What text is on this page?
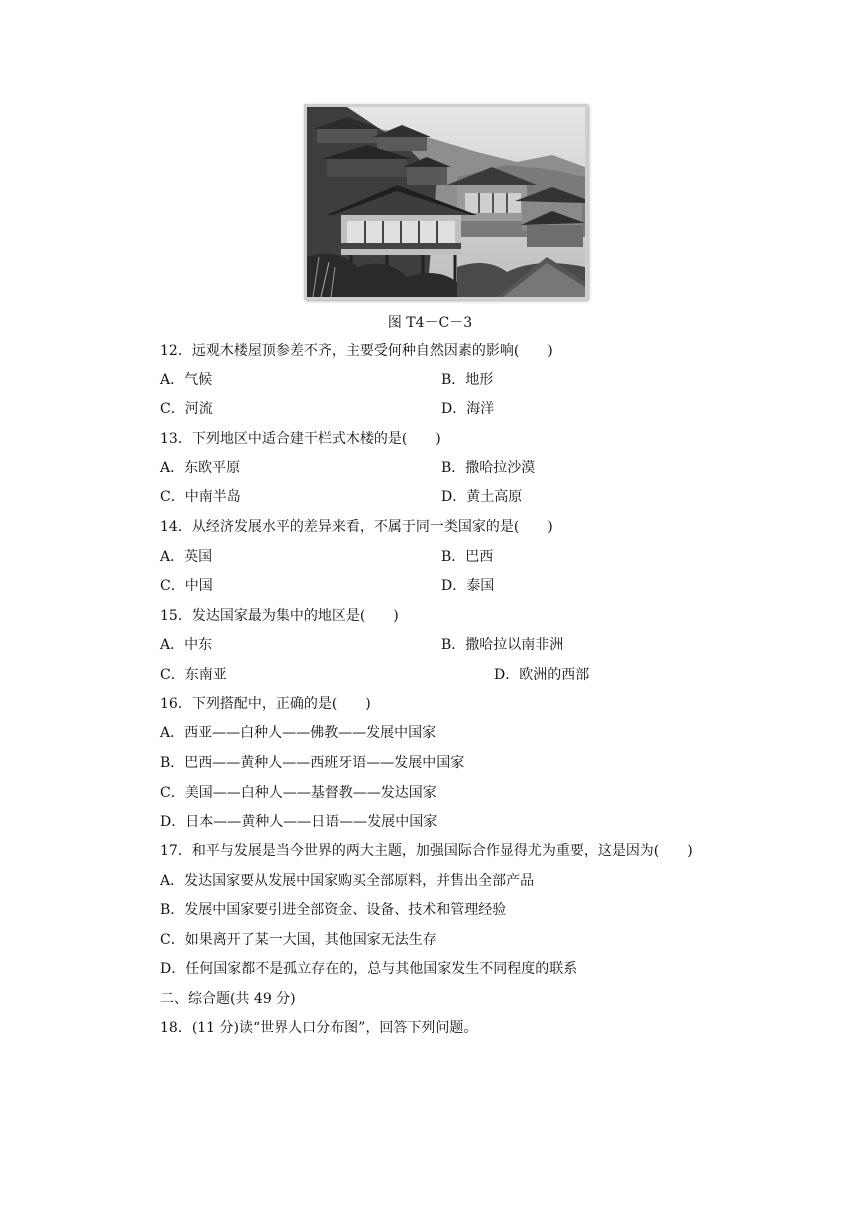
图 T4－C－3
12．远观木楼屋顶参差不齐，主要受何种自然因素的影响(　　)
A．气候	B．地形
C．河流	D．海洋
13．下列地区中适合建干栏式木楼的是(　　)
A．东欧平原	B．撒哈拉沙漠
C．中南半岛	D．黄土高原
14．从经济发展水平的差异来看，不属于同一类国家的是(　　)
A．英国	B．巴西
C．中国	D．泰国
15．发达国家最为集中的地区是(　　)
A．中东	B．撒哈拉以南非洲
C．东南亚	D．欧洲的西部
16．下列搭配中，正确的是(　　)
A．西亚——白种人——佛教——发展中国家
B．巴西——黄种人——西班牙语——发展中国家
C．美国——白种人——基督教——发达国家
D．日本——黄种人——日语——发展中国家
17．和平与发展是当今世界的两大主题，加强国际合作显得尤为重要，这是因为(　　)
A．发达国家要从发展中国家购买全部原料，并售出全部产品
B．发展中国家要引进全部资金、设备、技术和管理经验
C．如果离开了某一大国，其他国家无法生存
D．任何国家都不是孤立存在的，总与其他国家发生不同程度的联系
二、综合题(共 49 分)
18．(11 分)读“世界人口分布图”，回答下列问题。
